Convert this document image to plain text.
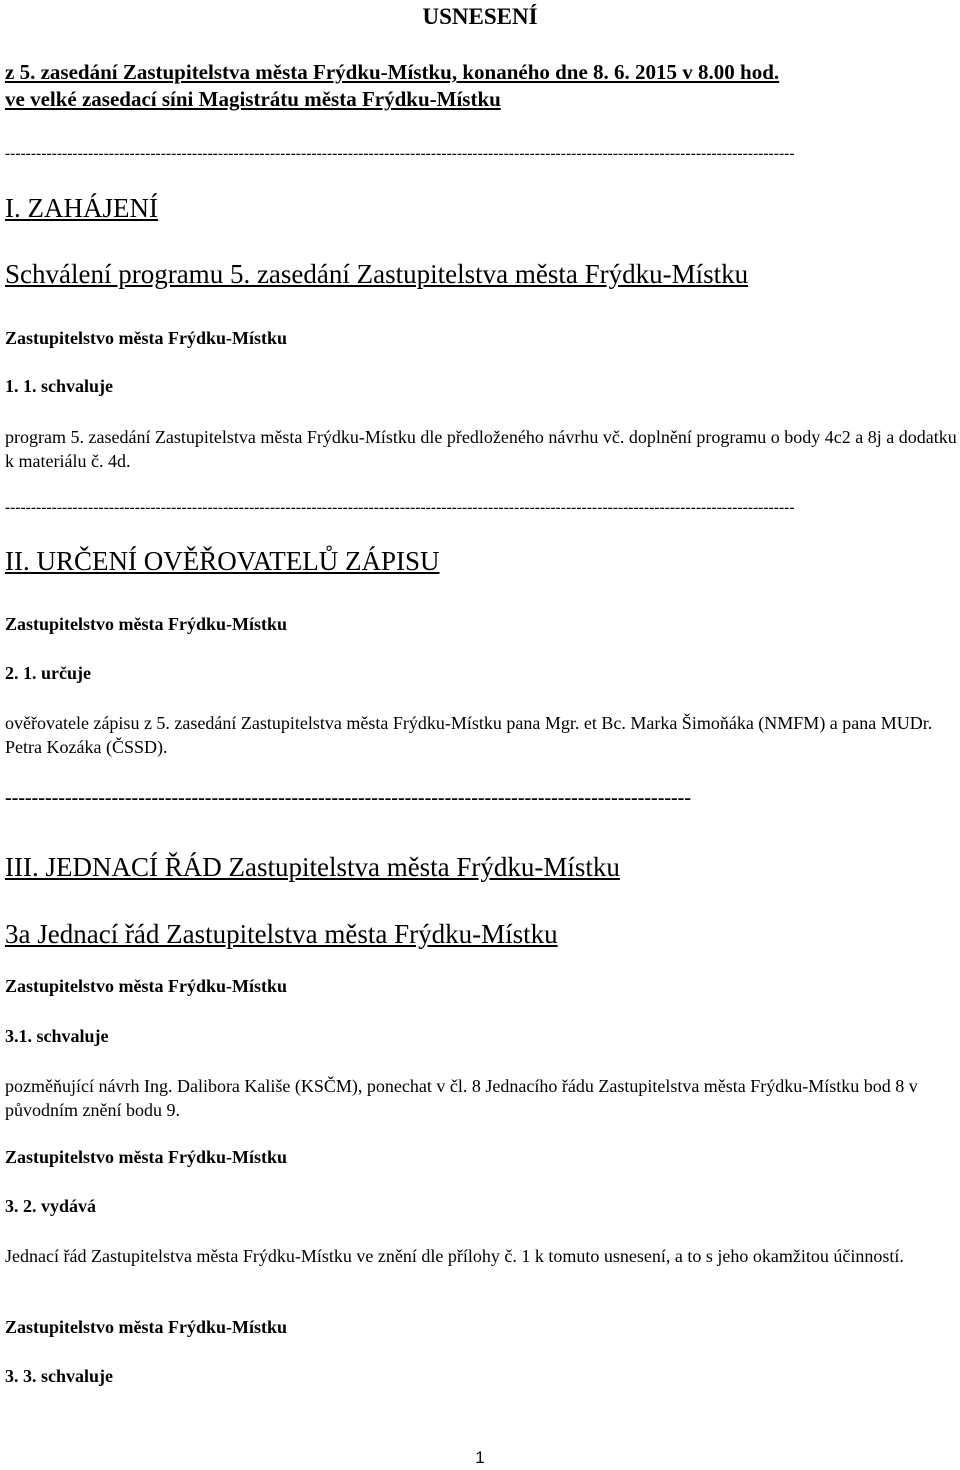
USNESENÍ
z 5. zasedání Zastupitelstva města Frýdku-Místku, konaného dne 8. 6. 2015 v 8.00 hod.
ve velké zasedací síni Magistrátu města Frýdku-Místku
--------------------------------------------------------------------------------------------------------------------------------------------------------
I. ZAHÁJENÍ
Schválení programu 5. zasedání Zastupitelstva města Frýdku-Místku
Zastupitelstvo města Frýdku-Místku
1. 1. schvaluje
program 5. zasedání Zastupitelstva města Frýdku-Místku dle předloženého návrhu vč. doplnění programu o body 4c2 a 8j a dodatku k materiálu č. 4d.
--------------------------------------------------------------------------------------------------------------------------------------------------------
II. URČENÍ OVĚŘOVATELŮ ZÁPISU
Zastupitelstvo města Frýdku-Místku
2. 1. určuje
ověřovatele zápisu z 5. zasedání Zastupitelstva města Frýdku-Místku pana Mgr. et Bc. Marka Šimoňáka (NMFM) a pana MUDr. Petra Kozáka (ČSSD).
-------------------------------------------------------------------------------------------------------
III. JEDNACÍ ŘÁD Zastupitelstva města Frýdku-Místku
3a Jednací řád Zastupitelstva města Frýdku-Místku
Zastupitelstvo města Frýdku-Místku
3.1. schvaluje
pozměňující návrh Ing. Dalibora Kališe (KSČM), ponechat v čl. 8 Jednacího řádu Zastupitelstva města Frýdku-Místku bod 8 v původním znění bodu 9.
Zastupitelstvo města Frýdku-Místku
3. 2. vydává
Jednací řád Zastupitelstva města Frýdku-Místku ve znění dle přílohy č. 1 k tomuto usnesení, a to s jeho okamžitou účinností.
Zastupitelstvo města Frýdku-Místku
3. 3. schvaluje
1
